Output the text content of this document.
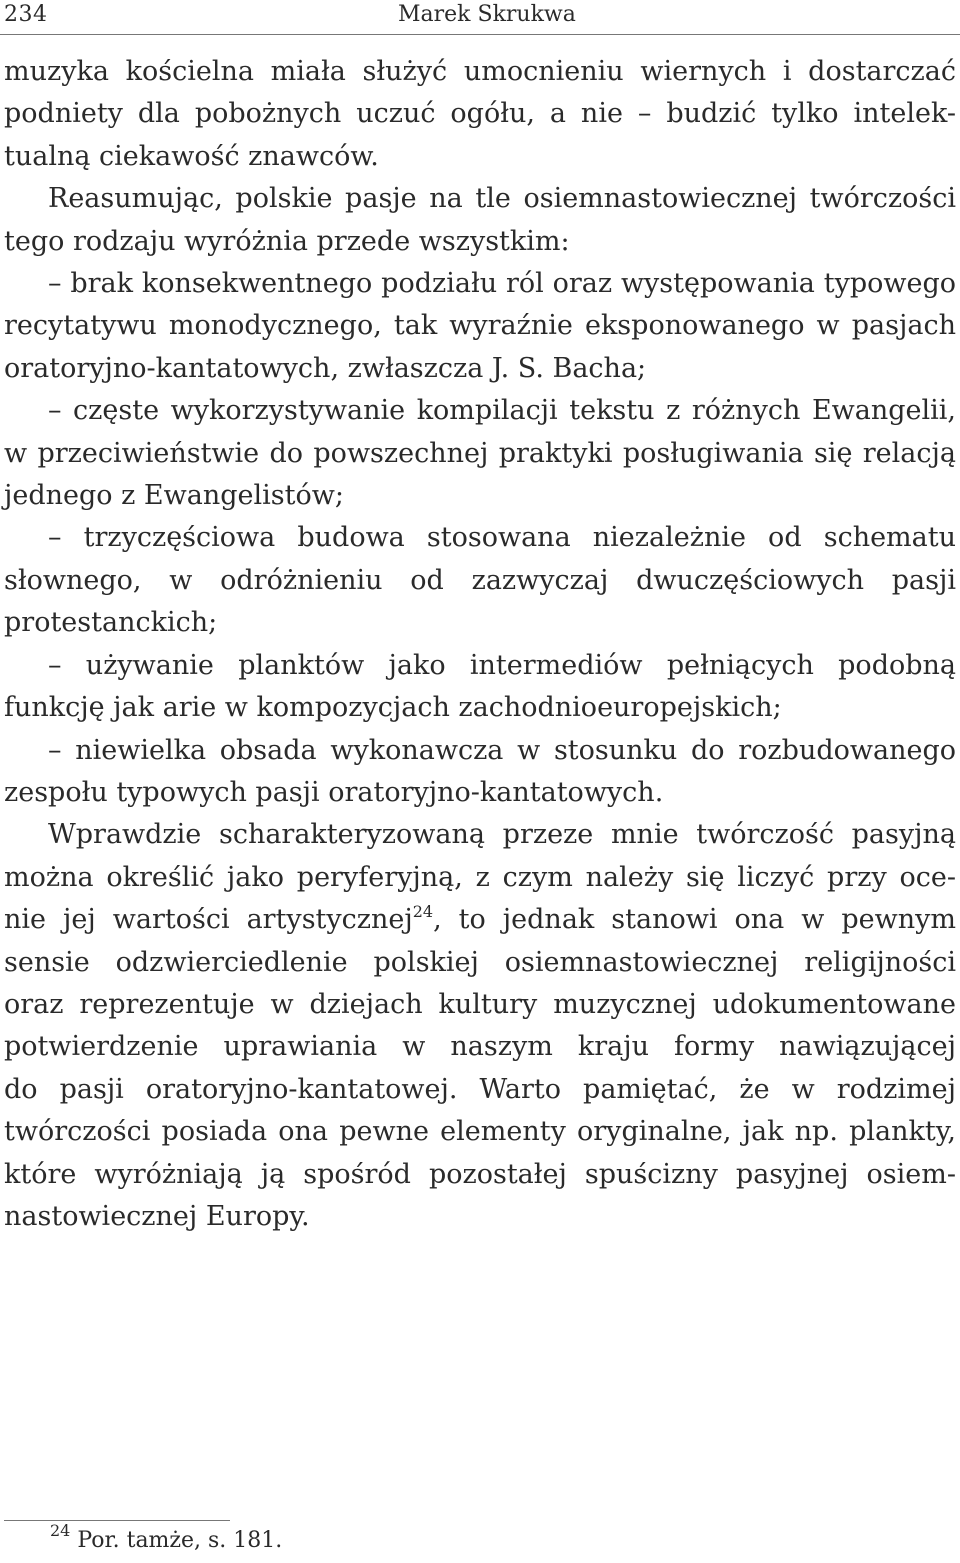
234	Marek Skrukwa
muzyka kościelna miała służyć umocnieniu wiernych i dostarczać
podniety dla pobożnych uczuć ogółu, a nie – budzić tylko intelek-
tualną ciekawość znawców.
Reasumując, polskie pasje na tle osiemnastowiecznej twórczości
tego rodzaju wyróżnia przede wszystkim:
– brak konsekwentnego podziału ról oraz występowania typowego
recytatywu monodycznego, tak wyraźnie eksponowanego w pasjach
oratoryjno-kantatowych, zwłaszcza J. S. Bacha;
– częste wykorzystywanie kompilacji tekstu z różnych Ewangelii,
w przeciwieństwie do powszechnej praktyki posługiwania się relacją
jednego z Ewangelistów;
– trzyczęściowa budowa stosowana niezależnie od schematu
słownego, w odróżnieniu od zazwyczaj dwuczęściowych pasji
protestanckich;
– używanie planktów jako intermediów pełniących podobną
funkcję jak arie w kompozycjach zachodnioeuropejskich;
– niewielka obsada wykonawcza w stosunku do rozbudowanego
zespołu typowych pasji oratoryjno-kantatowych.
Wprawdzie scharakteryzowaną przeze mnie twórczość pasyjną
można określić jako peryferyjną, z czym należy się liczyć przy oce-
nie jej wartości artystycznej$^{24}$, to jednak stanowi ona w pewnym
sensie odzwierciedlenie polskiej osiemnastowiecznej religijności
oraz reprezentuje w dziejach kultury muzycznej udokumentowane
potwierdzenie uprawiania w naszym kraju formy nawiązującej
do pasji oratoryjno-kantatowej. Warto pamiętać, że w rodzimej
twórczości posiada ona pewne elementy oryginalne, jak np. plankty,
które wyróżniają ją spośród pozostałej spuścizny pasyjnej osiem-
nastowiecznej Europy.
$^{24}$ Por. tamże, s. 181.
